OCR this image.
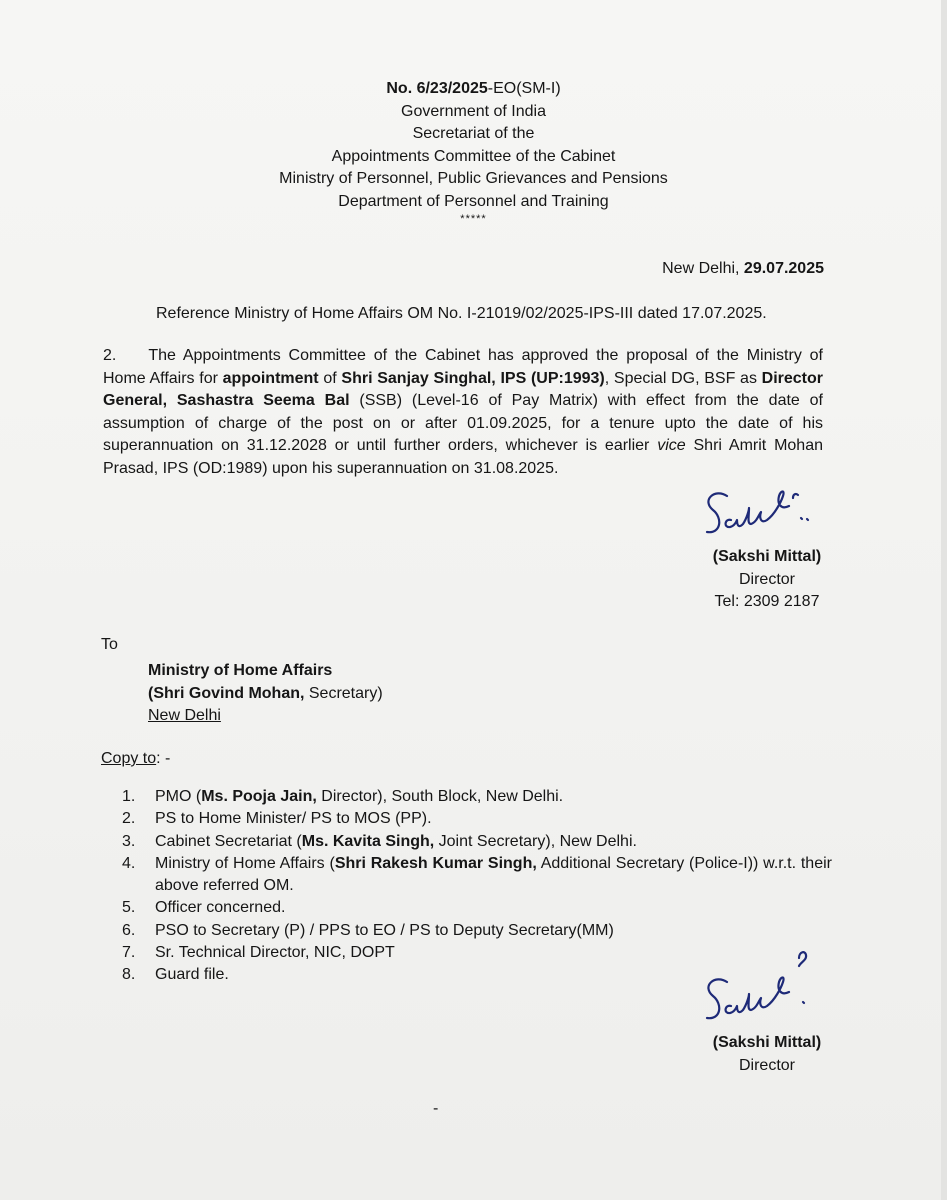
No. 6/23/2025-EO(SM-I)
Government of India
Secretariat of the
Appointments Committee of the Cabinet
Ministry of Personnel, Public Grievances and Pensions
Department of Personnel and Training
*****
New Delhi, 29.07.2025
Reference Ministry of Home Affairs OM No. I-21019/02/2025-IPS-III dated 17.07.2025.

2. The Appointments Committee of the Cabinet has approved the proposal of the Ministry of Home Affairs for appointment of Shri Sanjay Singhal, IPS (UP:1993), Special DG, BSF as Director General, Sashastra Seema Bal (SSB) (Level-16 of Pay Matrix) with effect from the date of assumption of charge of the post on or after 01.09.2025, for a tenure upto the date of his superannuation on 31.12.2028 or until further orders, whichever is earlier vice Shri Amrit Mohan Prasad, IPS (OD:1989) upon his superannuation on 31.08.2025.

(Sakshi Mittal)
Director
Tel: 2309 2187
To
Ministry of Home Affairs
(Shri Govind Mohan, Secretary)
New Delhi
Copy to: -
1.	PMO (Ms. Pooja Jain, Director), South Block, New Delhi.
2.	PS to Home Minister/ PS to MOS (PP).
3.	Cabinet Secretariat (Ms. Kavita Singh, Joint Secretary), New Delhi.
4.	Ministry of Home Affairs (Shri Rakesh Kumar Singh, Additional Secretary (Police-I)) w.r.t. their above referred OM.
5.	Officer concerned.
6.	PSO to Secretary (P) / PPS to EO / PS to Deputy Secretary(MM)
7.	Sr. Technical Director, NIC, DOPT
8.	Guard file.
(Sakshi Mittal)
Director
-
